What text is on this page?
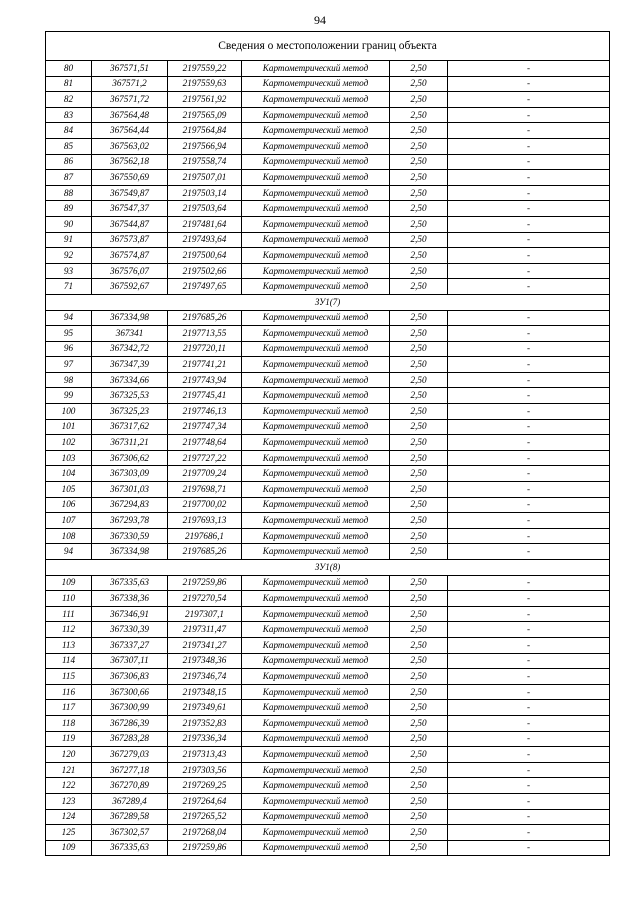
94
Сведения о местоположении границ объекта					
80	367571,51	2197559,22	Картометрический метод	2,50	-
81	367571,2	2197559,63	Картометрический метод	2,50	-
82	367571,72	2197561,92	Картометрический метод	2,50	-
83	367564,48	2197565,09	Картометрический метод	2,50	-
84	367564,44	2197564,84	Картометрический метод	2,50	-
85	367563,02	2197566,94	Картометрический метод	2,50	-
86	367562,18	2197558,74	Картометрический метод	2,50	-
87	367550,69	2197507,01	Картометрический метод	2,50	-
88	367549,87	2197503,14	Картометрический метод	2,50	-
89	367547,37	2197503,64	Картометрический метод	2,50	-
90	367544,87	2197481,64	Картометрический метод	2,50	-
91	367573,87	2197493,64	Картометрический метод	2,50	-
92	367574,87	2197500,64	Картометрический метод	2,50	-
93	367576,07	2197502,66	Картометрический метод	2,50	-
71	367592,67	2197497,65	Картометрический метод	2,50	-
ЗУ1(7)					
94	367334,98	2197685,26	Картометрический метод	2,50	-
95	367341	2197713,55	Картометрический метод	2,50	-
96	367342,72	2197720,11	Картометрический метод	2,50	-
97	367347,39	2197741,21	Картометрический метод	2,50	-
98	367334,66	2197743,94	Картометрический метод	2,50	-
99	367325,53	2197745,41	Картометрический метод	2,50	-
100	367325,23	2197746,13	Картометрический метод	2,50	-
101	367317,62	2197747,34	Картометрический метод	2,50	-
102	367311,21	2197748,64	Картометрический метод	2,50	-
103	367306,62	2197727,22	Картометрический метод	2,50	-
104	367303,09	2197709,24	Картометрический метод	2,50	-
105	367301,03	2197698,71	Картометрический метод	2,50	-
106	367294,83	2197700,02	Картометрический метод	2,50	-
107	367293,78	2197693,13	Картометрический метод	2,50	-
108	367330,59	2197686,1	Картометрический метод	2,50	-
94	367334,98	2197685,26	Картометрический метод	2,50	-
ЗУ1(8)					
109	367335,63	2197259,86	Картометрический метод	2,50	-
110	367338,36	2197270,54	Картометрический метод	2,50	-
111	367346,91	2197307,1	Картометрический метод	2,50	-
112	367330,39	2197311,47	Картометрический метод	2,50	-
113	367337,27	2197341,27	Картометрический метод	2,50	-
114	367307,11	2197348,36	Картометрический метод	2,50	-
115	367306,83	2197346,74	Картометрический метод	2,50	-
116	367300,66	2197348,15	Картометрический метод	2,50	-
117	367300,99	2197349,61	Картометрический метод	2,50	-
118	367286,39	2197352,83	Картометрический метод	2,50	-
119	367283,28	2197336,34	Картометрический метод	2,50	-
120	367279,03	2197313,43	Картометрический метод	2,50	-
121	367277,18	2197303,56	Картометрический метод	2,50	-
122	367270,89	2197269,25	Картометрический метод	2,50	-
123	367289,4	2197264,64	Картометрический метод	2,50	-
124	367289,58	2197265,52	Картометрический метод	2,50	-
125	367302,57	2197268,04	Картометрический метод	2,50	-
109	367335,63	2197259,86	Картометрический метод	2,50	-
